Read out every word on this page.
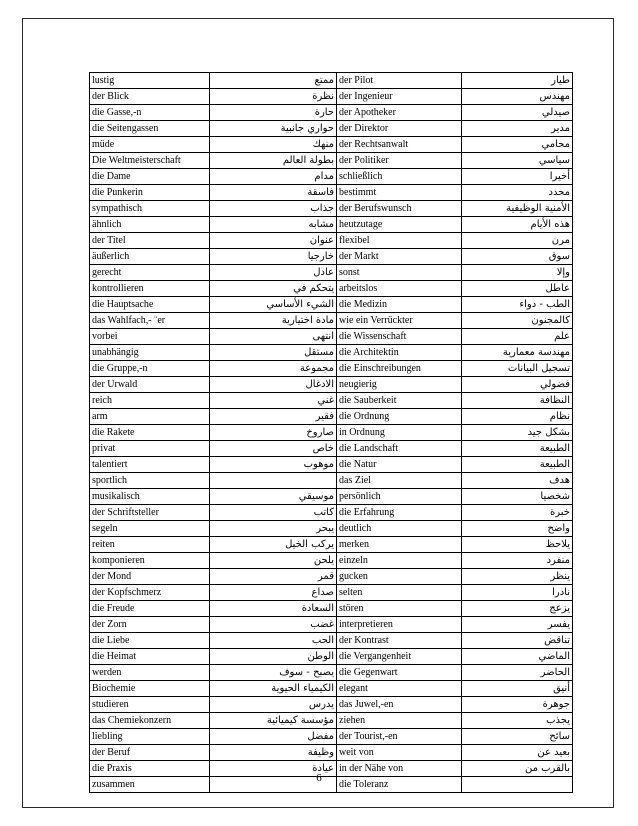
lustig	ممتع	der Pilot	طيار
der Blick	نظرة	der Ingenieur	مهندس
die Gasse,-n	حارة	der Apotheker	صيدلي
die Seitengassen	حواري جانبية	der Direktor	مدير
müde	منهك	der Rechtsanwalt	محامي
Die Weltmeisterschaft	بطولة العالم	der Politiker	سياسي
die Dame	مدام	schließlich	أخيرا
die Punkerin	فاسقة	bestimmt	محدد
sympathisch	جذاب	der Berufswunsch	الأمنية الوظيفية
ähnlich	مشابه	heutzutage	هذه الأيام
der Titel	عنوان	flexibel	مرن
äußerlich	خارجيا	der Markt	سوق
gerecht	عادل	sonst	وإلا
kontrollieren	يتحكم في	arbeitslos	عاطل
die Hauptsache	الشيء الأساسي	die Medizin	الطب - دواء
das Wahlfach,- ¨er	مادة اختيارية	wie ein Verrückter	كالمجنون
vorbei	انتهى	die Wissenschaft	علم
unabhängig	مستقل	die Architektin	مهندسة معمارية
die Gruppe,-n	مجموعة	die Einschreibungen	تسجيل البيانات
der Urwald	الادغال	neugierig	فضولي
reich	غني	die Sauberkeit	النظافة
arm	فقير	die Ordnung	نظام
die Rakete	صاروخ	in Ordnung	بشكل جيد
privat	خاص	die Landschaft	الطبيعة
talentiert	موهوب	die Natur	الطبيعة
sportlich		das Ziel	هدف
musikalisch	موسيقي	persönlich	شخصيا
der Schriftsteller	كاتب	die Erfahrung	خبرة
segeln	يبحر	deutlich	واضح
reiten	يركب الخيل	merken	يلاحظ
komponieren	يلحن	einzeln	منفرد
der Mond	قمر	gucken	ينظر
der Kopfschmerz	صداع	selten	نادرا
die Freude	السعادة	stören	يزعج
der Zorn	غضب	interpretieren	يفسر
die Liebe	الحب	der Kontrast	تناقض
die Heimat	الوطن	die Vergangenheit	الماضي
werden	يصبح - سوف	die Gegenwart	الحاضر
Biochemie	الكيمياء الحيوية	elegant	أنيق
studieren	يدرس	das Juwel,-en	جوهرة
das Chemiekonzern	مؤسسة كيميائية	ziehen	يجذب
liebling	مفضل	der Tourist,-en	سائح
der Beruf	وظيفة	weit von	بعيد عن
die Praxis	عيادة	in der Nähe von	بالقرب من
zusammen		die Toleranz	
6
